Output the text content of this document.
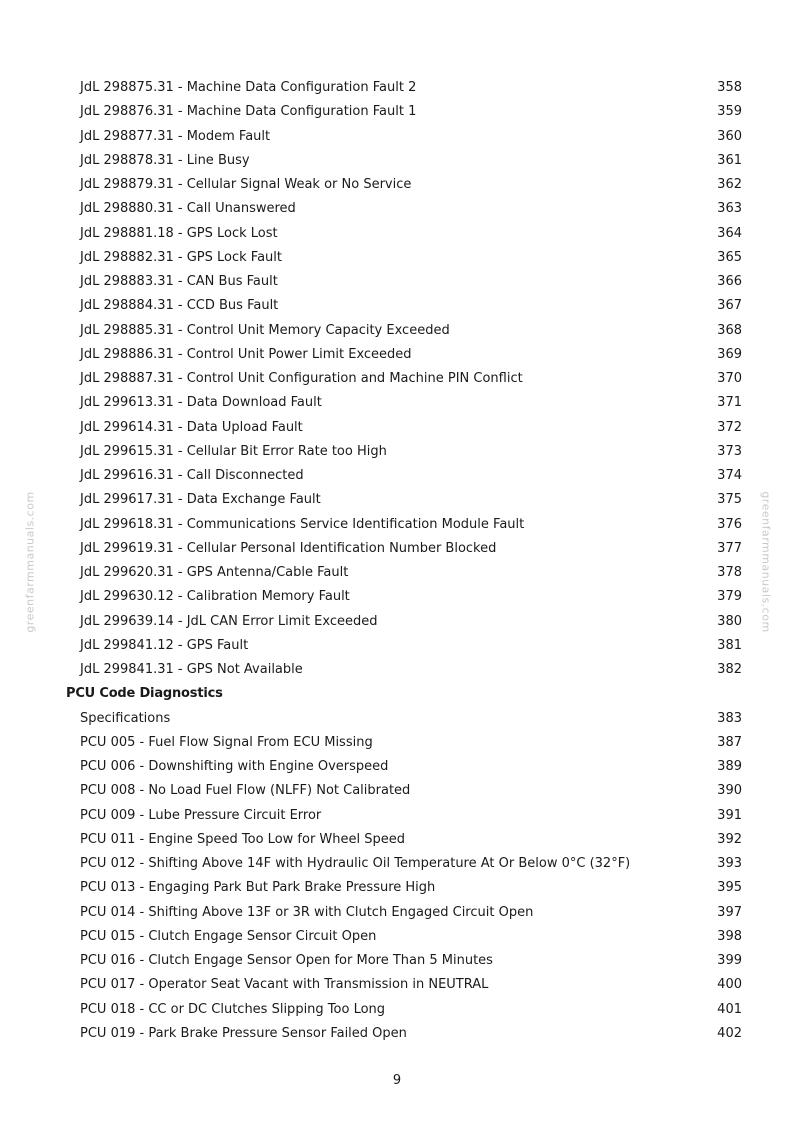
greenfarmmanuals.com	greenfarmmanuals.com
JdL 298875.31 - Machine Data Configuration Fault 2	358
JdL 298876.31 - Machine Data Configuration Fault 1	359
JdL 298877.31 - Modem Fault	360
JdL 298878.31 - Line Busy	361
JdL 298879.31 - Cellular Signal Weak or No Service	362
JdL 298880.31 - Call Unanswered	363
JdL 298881.18 - GPS Lock Lost	364
JdL 298882.31 - GPS Lock Fault	365
JdL 298883.31 - CAN Bus Fault	366
JdL 298884.31 - CCD Bus Fault	367
JdL 298885.31 - Control Unit Memory Capacity Exceeded	368
JdL 298886.31 - Control Unit Power Limit Exceeded	369
JdL 298887.31 - Control Unit Configuration and Machine PIN Conflict	370
JdL 299613.31 - Data Download Fault	371
JdL 299614.31 - Data Upload Fault	372
JdL 299615.31 - Cellular Bit Error Rate too High	373
JdL 299616.31 - Call Disconnected	374
JdL 299617.31 - Data Exchange Fault	375
JdL 299618.31 - Communications Service Identification Module Fault	376
JdL 299619.31 - Cellular Personal Identification Number Blocked	377
JdL 299620.31 - GPS Antenna/Cable Fault	378
JdL 299630.12 - Calibration Memory Fault	379
JdL 299639.14 - JdL CAN Error Limit Exceeded	380
JdL 299841.12 - GPS Fault	381
JdL 299841.31 - GPS Not Available	382
PCU Code Diagnostics
Specifications	383
PCU 005 - Fuel Flow Signal From ECU Missing	387
PCU 006 - Downshifting with Engine Overspeed	389
PCU 008 - No Load Fuel Flow (NLFF) Not Calibrated	390
PCU 009 - Lube Pressure Circuit Error	391
PCU 011 - Engine Speed Too Low for Wheel Speed	392
PCU 012 - Shifting Above 14F with Hydraulic Oil Temperature At Or Below 0°C (32°F)	393
PCU 013 - Engaging Park But Park Brake Pressure High	395
PCU 014 - Shifting Above 13F or 3R with Clutch Engaged Circuit Open	397
PCU 015 - Clutch Engage Sensor Circuit Open	398
PCU 016 - Clutch Engage Sensor Open for More Than 5 Minutes	399
PCU 017 - Operator Seat Vacant with Transmission in NEUTRAL	400
PCU 018 - CC or DC Clutches Slipping Too Long	401
PCU 019 - Park Brake Pressure Sensor Failed Open	402
9
